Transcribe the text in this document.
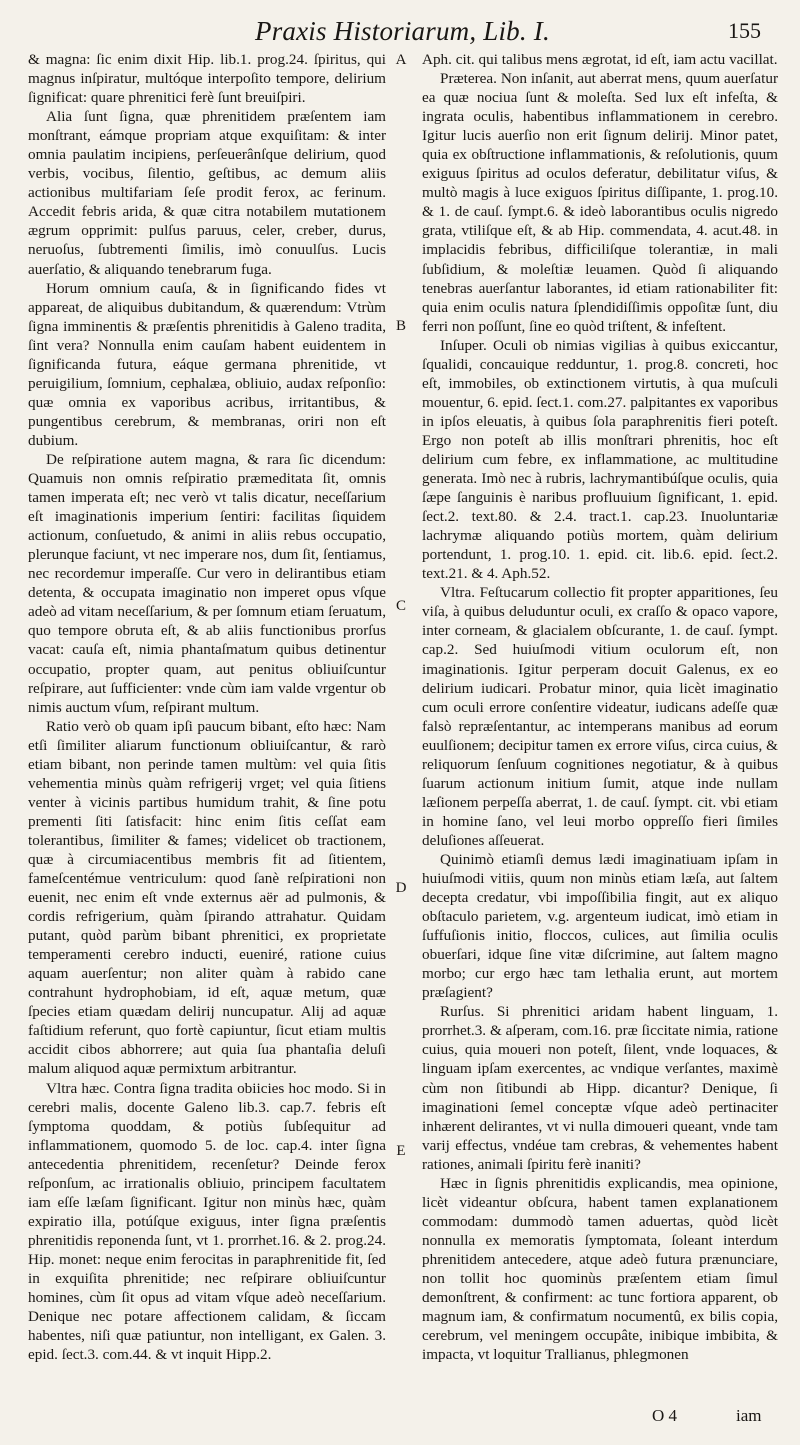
Praxis Historiarum, Lib. I.	155

& magna: ſic enim dixit Hip. lib.1. prog.24. ſpiritus, qui magnus inſpiratur, multóque interpoſito tempore, delirium ſignificat: quare phrenitici ferè ſunt breuiſpiri.

Alia ſunt ſigna, quæ phrenitidem præſentem iam monſtrant, eámque propriam atque exquiſitam: & inter omnia paulatim incipiens, perſeuerânſque delirium, quod verbis, vocibus, ſilentio, geſtibus, ac demum aliis actionibus multifariam ſeſe prodit ferox, ac ferinum. Accedit febris arida, & quæ citra notabilem mutationem ægrum opprimit: pulſus paruus, celer, creber, durus, neruoſus, ſubtrementi ſimilis, imò conuulſus. Lucis auerſatio, & aliquando tenebrarum fuga.

Horum omnium cauſa, & in ſignificando fides vt appareat, de aliquibus dubitandum, & quærendum: Vtrùm ſigna imminentis & præſentis phrenitidis à Galeno tradita, ſint vera? Nonnulla enim cauſam habent euidentem in ſignificanda futura, eáque germana phrenitide, vt peruigilium, ſomnium, cephalæa, obliuio, audax reſponſio: quæ omnia ex vaporibus acribus, irritantibus, & pungentibus cerebrum, & membranas, oriri non eſt dubium.

De reſpiratione autem magna, & rara ſic dicendum: Quamuis non omnis reſpiratio præmeditata ſit, omnis tamen imperata eſt; nec verò vt talis dicatur, neceſſarium eſt imaginationis imperium ſentiri: facilitas ſiquidem actionum, conſuetudo, & animi in aliis rebus occupatio, plerunque faciunt, vt nec imperare nos, dum ſit, ſentiamus, nec recordemur imperaſſe. Cur vero in delirantibus etiam detenta, & occupata imaginatio non imperet opus vſque adeò ad vitam neceſſarium, & per ſomnum etiam ſeruatum, quo tempore obruta eſt, & ab aliis functionibus prorſus vacat: cauſa eſt, nimia phantaſmatum quibus detinentur occupatio, propter quam, aut penitus obliuiſcuntur reſpirare, aut ſufficienter: vnde cùm iam valde vrgentur ob nimis auctum vſum, reſpirant multum.

Ratio verò ob quam ipſi paucum bibant, eſto hæc: Nam etſi ſimiliter aliarum functionum obliuiſcantur, & rarò etiam bibant, non perinde tamen multùm: vel quia ſitis vehementia minùs quàm refrigerij vrget; vel quia ſitiens venter à vicinis partibus humidum trahit, & ſine potu prementi ſiti ſatisfacit: hinc enim ſitis ceſſat eam tolerantibus, ſimiliter & fames; videlicet ob tractionem, quæ à circumiacentibus membris fit ad ſitientem, fameſcentémue ventriculum: quod ſanè reſpirationi non euenit, nec enim eſt vnde externus aër ad pulmonis, & cordis refrigerium, quàm ſpirando attrahatur. Quidam putant, quòd parùm bibant phrenitici, ex proprietate temperamenti cerebro inducti, eueniré, ratione cuius aquam auerſentur; non aliter quàm à rabido cane contrahunt hydrophobiam, id eſt, aquæ metum, quæ ſpecies etiam quædam delirij nuncupatur. Alij ad aquæ faſtidium referunt, quo fortè capiuntur, ſicut etiam multis accidit cibos abhorrere; aut quia ſua phantaſia deluſi malum aliquod aquæ permixtum arbitrantur.

Vltra hæc. Contra ſigna tradita obiicies hoc modo. Si in cerebri malis, docente Galeno lib.3. cap.7. febris eſt ſymptoma quoddam, & potiùs ſubſequitur ad inflammationem, quomodo 5. de loc. cap.4. inter ſigna antecedentia phrenitidem, recenſetur? Deinde ferox reſponſum, ac irrationalis obliuio, principem facultatem iam eſſe læſam ſignificant. Igitur non minùs hæc, quàm expiratio illa, potúſque exiguus, inter ſigna præſentis phrenitidis reponenda ſunt, vt 1. prorrhet.16. & 2. prog.24. Hip. monet: neque enim ferocitas in paraphrenitide fit, ſed in exquiſita phrenitide; nec reſpirare obliuiſcuntur homines, cùm ſit opus ad vitam vſque adeò neceſſarium. Denique nec potare affectionem calidam, & ſiccam habentes, niſi quæ patiuntur, non intelligant, ex Galen. 3. epid. ſect.3. com.44. & vt inquit Hipp.2.

A
B
C
D
E

Aph. cit. qui talibus mens ægrotat, id eſt, iam actu vacillat.

Præterea. Non inſanit, aut aberrat mens, quum auerſatur ea quæ nociua ſunt & moleſta. Sed lux eſt infeſta, & ingrata oculis, habentibus inflammationem in cerebro. Igitur lucis auerſio non erit ſignum delirij. Minor patet, quia ex obſtructione inflammationis, & reſolutionis, quum exiguus ſpiritus ad oculos deferatur, debilitatur viſus, & multò magis à luce exiguos ſpiritus diſſipante, 1. prog.10. & 1. de cauſ. ſympt.6. & ideò laborantibus oculis nigredo grata, vtiliſque eſt, & ab Hip. commendata, 4. acut.48. in implacidis febribus, difficiliſque tolerantiæ, in mali ſubſidium, & moleſtiæ leuamen. Quòd ſi aliquando tenebras auerſantur laborantes, id etiam rationabiliter fit: quia enim oculis natura ſplendidiſſimis oppoſitæ ſunt, diu ferri non poſſunt, ſine eo quòd triſtent, & infeſtent.

Inſuper. Oculi ob nimias vigilias à quibus exiccantur, ſqualidi, concauique redduntur, 1. prog.8. concreti, hoc eſt, immobiles, ob extinctionem virtutis, à qua muſculi mouentur, 6. epid. ſect.1. com.27. palpitantes ex vaporibus in ipſos eleuatis, à quibus ſola paraphrenitis fieri poteſt. Ergo non poteſt ab illis monſtrari phrenitis, hoc eſt delirium cum febre, ex inflammatione, ac multitudine generata. Imò nec à rubris, lachrymantibúſque oculis, quia ſæpe ſanguinis è naribus profluuium ſignificant, 1. epid. ſect.2. text.80. & 2.4. tract.1. cap.23. Inuoluntariæ lachrymæ aliquando potiùs mortem, quàm delirium portendunt, 1. prog.10. 1. epid. cit. lib.6. epid. ſect.2. text.21. & 4. Aph.52.

Vltra. Feſtucarum collectio fit propter apparitiones, ſeu viſa, à quibus deluduntur oculi, ex craſſo & opaco vapore, inter corneam, & glacialem obſcurante, 1. de cauſ. ſympt. cap.2. Sed huiuſmodi vitium oculorum eſt, non imaginationis. Igitur perperam docuit Galenus, ex eo delirium iudicari. Probatur minor, quia licèt imaginatio cum oculi errore conſentire videatur, iudicans adeſſe quæ falsò repræſentantur, ac intemperans manibus ad eorum euulſionem; decipitur tamen ex errore viſus, circa cuius, & reliquorum ſenſuum cognitiones negotiatur, & à quibus ſuarum actionum initium ſumit, atque inde nullam læſionem perpeſſa aberrat, 1. de cauſ. ſympt. cit. vbi etiam in homine ſano, vel leui morbo oppreſſo fieri ſimiles deluſiones aſſeuerat.

Quinimò etiamſi demus lædi imaginatiuam ipſam in huiuſmodi vitiis, quum non minùs etiam læſa, aut ſaltem decepta credatur, vbi impoſſibilia fingit, aut ex aliquo obſtaculo parietem, v.g. argenteum iudicat, imò etiam in ſuffuſionis initio, floccos, culices, aut ſimilia oculis obuerſari, idque ſine vitæ diſcrimine, aut ſaltem magno morbo; cur ergo hæc tam lethalia erunt, aut mortem præſagient?

Rurſus. Si phrenitici aridam habent linguam, 1. prorrhet.3. & aſperam, com.16. præ ſiccitate nimia, ratione cuius, quia moueri non poteſt, ſilent, vnde loquaces, & linguam ipſam exercentes, ac vndique verſantes, maximè cùm non ſitibundi ab Hipp. dicantur? Denique, ſi imaginationi ſemel conceptæ vſque adeò pertinaciter inhærent delirantes, vt vi nulla dimoueri queant, vnde tam varij effectus, vndéue tam crebras, & vehementes habent rationes, animali ſpiritu ferè inaniti?

Hæc in ſignis phrenitidis explicandis, mea opinione, licèt videantur obſcura, habent tamen explanationem commodam: dummodò tamen aduertas, quòd licèt nonnulla ex memoratis ſymptomata, ſoleant interdum phrenitidem antecedere, atque adeò futura prænunciare, non tollit hoc quominùs præſentem etiam ſimul demonſtrent, & confirment: ac tunc fortiora apparent, ob magnum iam, & confirmatum nocumentû, ex bilis copia, cerebrum, vel meningem occupâte, inibique imbibita, & impacta, vt loquitur Trallianus, phlegmonen

O 4	iam
